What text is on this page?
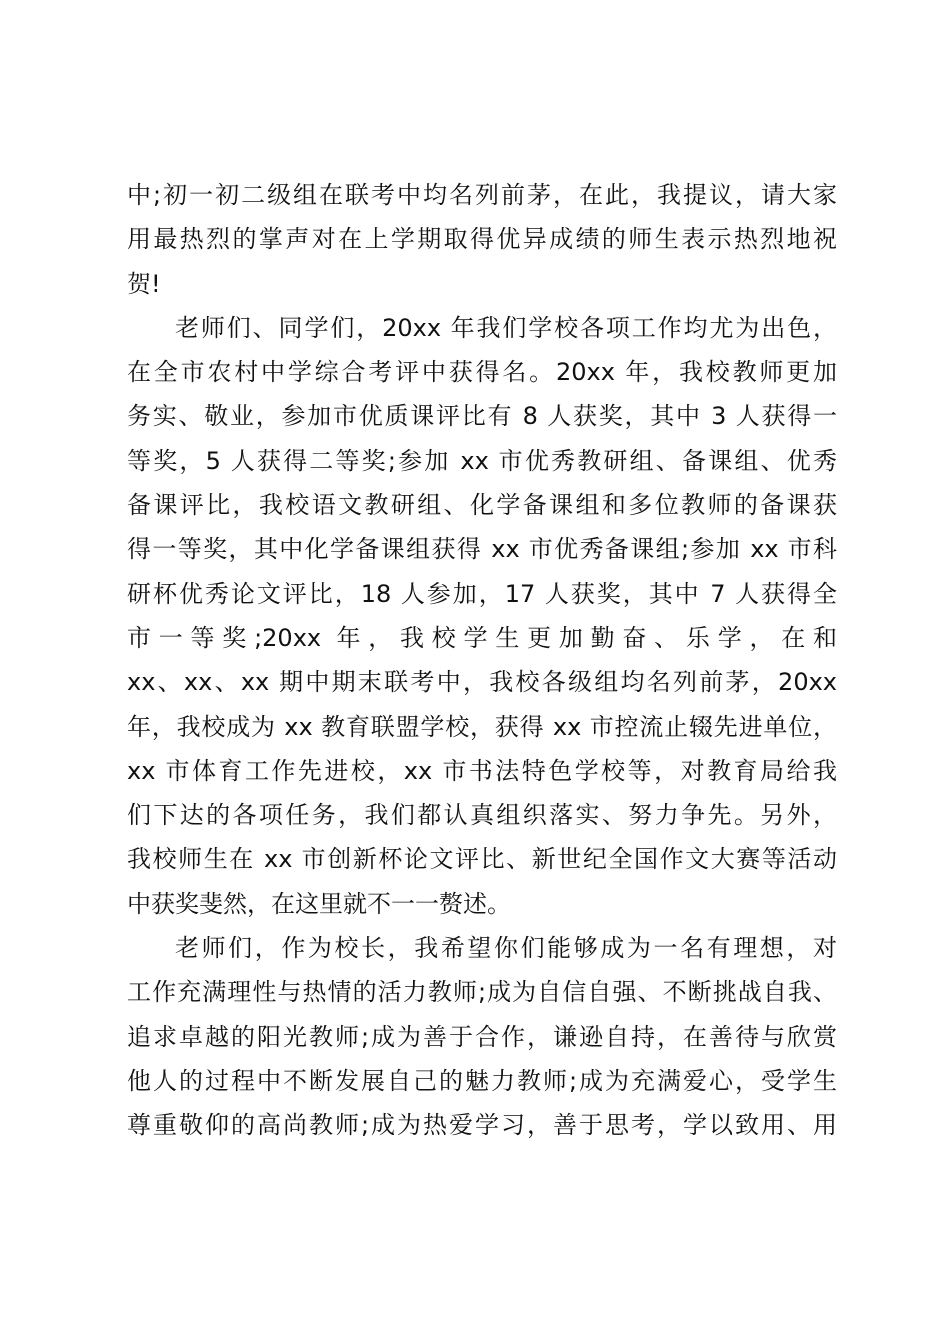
中;初一初二级组在联考中均名列前茅，在此，我提议，请大家
用最热烈的掌声对在上学期取得优异成绩的师生表示热烈地祝
贺!
老师们、同学们，20xx 年我们学校各项工作均尤为出色，
在全市农村中学综合考评中获得名。20xx 年，我校教师更加
务实、敬业，参加市优质课评比有 8 人获奖，其中 3 人获得一
等奖，5 人获得二等奖;参加 xx 市优秀教研组、备课组、优秀
备课评比，我校语文教研组、化学备课组和多位教师的备课获
得一等奖，其中化学备课组获得 xx 市优秀备课组;参加 xx 市科
研杯优秀论文评比，18 人参加，17 人获奖，其中 7 人获得全
市一等奖;20xx 年，我校学生更加勤奋、乐学，在和
xx、xx、xx 期中期末联考中，我校各级组均名列前茅，20xx
年，我校成为 xx 教育联盟学校，获得 xx 市控流止辍先进单位，
xx 市体育工作先进校，xx 市书法特色学校等，对教育局给我
们下达的各项任务，我们都认真组织落实、努力争先。另外，
我校师生在 xx 市创新杯论文评比、新世纪全国作文大赛等活动
中获奖斐然，在这里就不一一赘述。
老师们，作为校长，我希望你们能够成为一名有理想，对
工作充满理性与热情的活力教师;成为自信自强、不断挑战自我、
追求卓越的阳光教师;成为善于合作，谦逊自持，在善待与欣赏
他人的过程中不断发展自己的魅力教师;成为充满爱心，受学生
尊重敬仰的高尚教师;成为热爱学习，善于思考，学以致用、用
